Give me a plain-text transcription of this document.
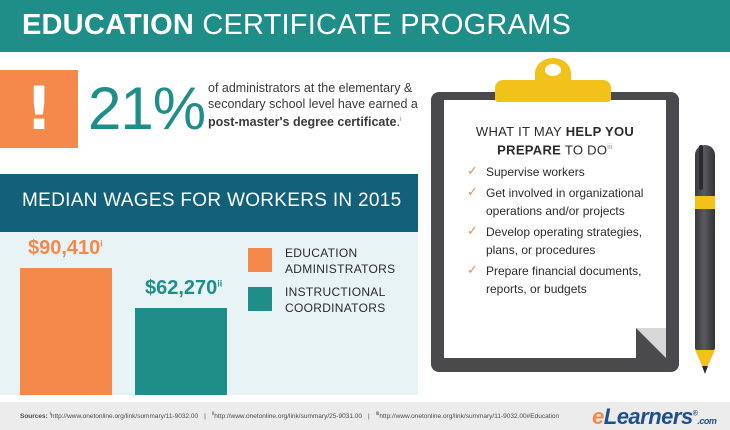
EDUCATION CERTIFICATE PROGRAMS
! 21% of administrators at the elementary & secondary school level have earned a post-master's degree certificate.$^i$
MEDIAN WAGES FOR WORKERS IN 2015
$90,410$^i$
$62,270$^{ii}$
EDUCATION ADMINISTRATORS
INSTRUCTIONAL COORDINATORS
WHAT IT MAY HELP YOU PREPARE TO DO$^{iii}$
✓ Supervise workers
✓ Get involved in organizational operations and/or projects
✓ Develop operating strategies, plans, or procedures
✓ Prepare financial documents, reports, or budgets
Sources: $^i$http://www.onetonline.org/link/summary/11-9032.00 | $^{ii}$http://www.onetonline.org/link/summary/25-9031.00 | $^{iii}$http://www.onetonline.org/link/summary/11-9032.00#Education eLearners®.com
